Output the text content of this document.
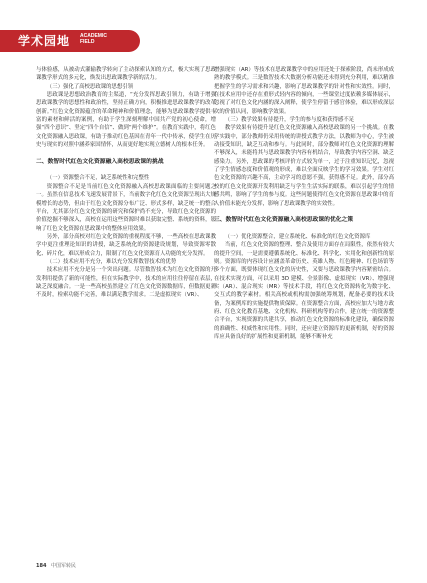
学术园地 ACADEMIC
FIELD

与体验感，从被动式灌输教学转向了主动探索认知的方式，极大实现了思政课教学形式的多元化，焕发出思政课教学新的活力。

（三）强化了高校思政课的思想引领

思政课是思想政治教育的主渠道，“充分发挥思政引领力，有助于增强思政课教学的思想性和政治性，坚持正确方向，积极推进思政课教学的改革创新。”红色文化资源蕴含的革命精神和价值理念，能够为思政课教学提供丰富的素材和鲜活的案例，有助于学生深刻理解中国共产党的初心使命，增强“四个意识”、坚定“四个自信”、做到“两个维护”。在教育实践中，将红色文化资源融入思政课，有助于推动红色基因在青年一代中传承，使学生在历史与现实的对照中涵养家国情怀，从而更好地实现立德树人的根本任务。

二、数智时代红色文化资源融入高校思政课的挑战
（一）资源整合不足，缺乏系统性和完整性

资源整合不足是当前红色文化资源融入高校思政课面临的主要问题之一。虽然在信息技术飞速发展背景下，当前数字化红色文化资源呈现出大规模增长的态势，但由于红色文化资源分布广泛、形式多样，缺乏统一的整合平台，尤其部分红色文化资源的研究和保护尚不充分，导致红色文化资源的价值挖掘不够深入，高校在运用这些资源时难以获取完整、系统的资料，影响了红色文化资源在思政课中的整体应用效果。

另外，部分高校对红色文化资源的重视程度不够，一些高校在思政课教学中更注重理论知识的讲授，缺乏系统化的资源建设规划，导致资源零散化、碎片化，难以形成合力，限制了红色文化资源育人功能的充分发挥。

（二）技术应用不充分，难以充分发挥数智技术的优势

技术应用不充分是另一个突出问题。尽管数智技术为红色文化资源的开发利用提供了新的可能性，但在实际教学中，技术的应用往往停留在表层，缺乏深度融合。一是一些高校虽然建立了红色文化资源数据库，但数据更新不及时，检索功能不完善，难以满足教学需求。二是虚拟现实（VR）、

增强现实（AR）等技术在思政课教学中的应用还处于探索阶段，尚未形成成熟的教学模式。三是数智技术大数据分析功能还未得到充分利用，难以精准把握学生的学习需求和兴趣，影响了思政课教学的针对性和实效性。同时，在技术应用中还存在重形式轻内容的倾向，一些课堂过度依赖多媒体展示，忽视了对红色文化内涵的深入阐释，使学生停留于感官体验，难以形成深层次的价值认同，影响教学效果。

（三）教学效果有待提升，学生的参与度和获得感不足

教学效果有待提升是红色文化资源融入高校思政课的另一个挑战。在教学实践中，部分教师仍采用传统的讲授式教学方法，以教师为中心，学生被动接受知识，缺乏互动和参与。与此同时，部分教师对红色文化资源的理解不够深入，未能将其与思政课教学内容有机结合，导致教学内容空洞、缺乏感染力。另外，思政课的考核评价方式较为单一，过于注重知识记忆，忽视了学生情感态度和价值观的形成，难以全面反映学生的学习效果。学生对红色文化资源的兴趣不高，主动学习的意愿不强，获得感不足。此外，部分高校的红色文化资源开发利用缺乏与学生生活实际的联系，难以引起学生的情感共鸣，影响了学生的参与度。这些问题使得红色文化资源在思政课中的育人价值未能充分发挥，影响了思政课教学的实效性。

三、数智时代红色文化资源融入高校思政课的优化之策
（一）优化资源整合，建立系统化、标准化的红色文化资源库

当前，红色文化资源的整理、整合及使用方面存在局限性，依然有较大的提升空间，一是需要遵循系统化、标准化、科学化、实用化和创新性的原则。资源库的内容设计应涵盖革命历史、英雄人物、红色精神、红色场馆等多个方面，既要体现红色文化的历史性，又要与思政课教学内容紧密结合。在技术实现方面，可以采用 3D 建模、全景影像、虚拟现实（VR）、增强现实（AR）、混合现实（MR）等技术手段，将红色文化资源转化为数字化、交互式的教学素材。相关高校或机构需加强统筹规划，配备必要的技术设备，为案例库的实施提供物质保障。在资源整合方面，高校应加大与地方政府、红色文化教育基地、文化机构、科研机构等的合作，建立统一的资源整合平台，实现资源的共建共享，推动红色文化资源的标准化建设，确保资源的准确性、权威性和实用性。同时，还应建立资源库的更新机制，好的资源库应具备良好的扩展性和更新机制，能够不断补充

184 中国军转民
